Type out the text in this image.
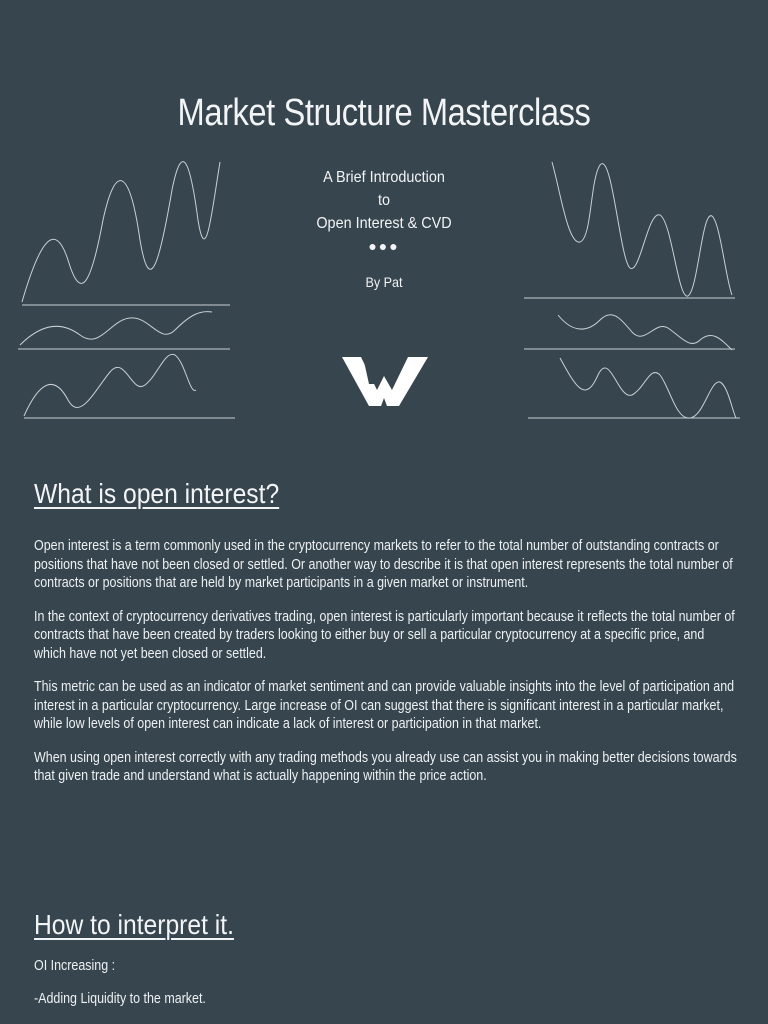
Market Structure Masterclass
A Brief Introduction
to
Open Interest & CVD
●●●
By Pat
What is open interest?

Open interest is a term commonly used in the cryptocurrency markets to refer to the total number of outstanding contracts or positions that have not been closed or settled. Or another way to describe it is that open interest represents the total number of contracts or positions that are held by market participants in a given market or instrument.

In the context of cryptocurrency derivatives trading, open interest is particularly important because it reflects the total number of contracts that have been created by traders looking to either buy or sell a particular cryptocurrency at a specific price, and which have not yet been closed or settled.

This metric can be used as an indicator of market sentiment and can provide valuable insights into the level of participation and interest in a particular cryptocurrency. Large increase of OI can suggest that there is significant interest in a particular market, while low levels of open interest can indicate a lack of interest or participation in that market.

When using open interest correctly with any trading methods you already use can assist you in making better decisions towards that given trade and understand what is actually happening within the price action.

How to interpret it.
OI Increasing :
-Adding Liquidity to the market.
